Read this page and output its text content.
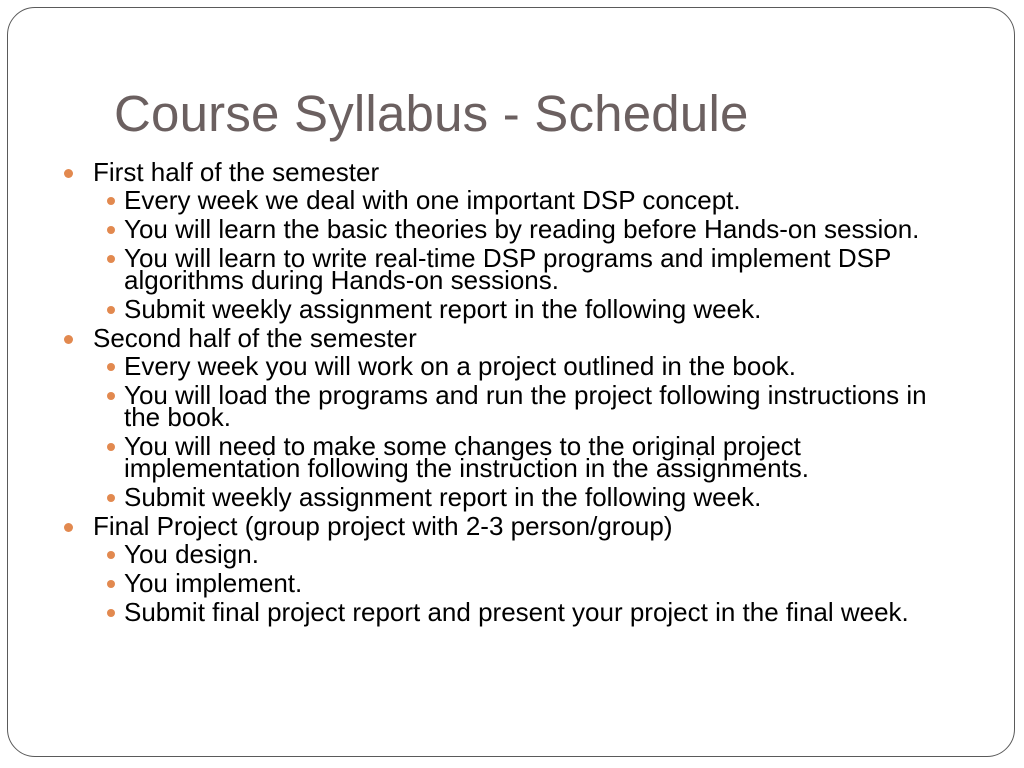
Course Syllabus - Schedule
First half of the semester
Every week we deal with one important DSP concept.
You will learn the basic theories by reading before Hands-on session.
You will learn to write real-time DSP programs and implement DSP algorithms during Hands-on sessions.
Submit weekly assignment report in the following week.
Second half of the semester
Every week you will work on a project outlined in the book.
You will load the programs and run the project following instructions in the book.
You will need to make some changes to the original project implementation following the instruction in the assignments.
Submit weekly assignment report in the following week.
Final Project (group project with 2-3 person/group)
You design.
You implement.
Submit final project report and present your project in the final week.
